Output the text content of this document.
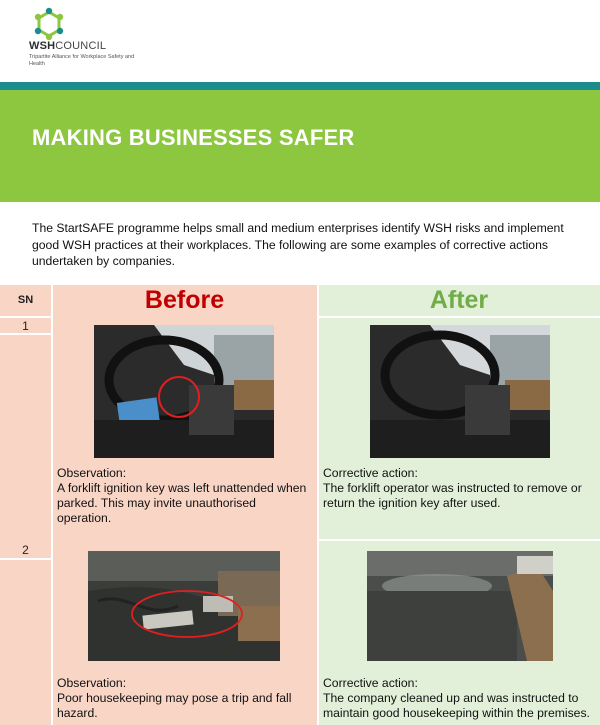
WSHCOUNCIL
Tripartite Alliance for Workplace Safety and Health
MAKING BUSINESSES SAFER

The StartSAFE programme helps small and medium enterprises identify WSH risks and implement good WSH practices at their workplaces. The following are some examples of corrective actions undertaken by companies.

SN	Before	After
1
Observation:
A forklift ignition key was left unattended when parked. This may invite unauthorised operation.
Corrective action:
The forklift operator was instructed to remove or return the ignition key after used.
2
Observation:
Poor housekeeping may pose a trip and fall hazard.
Corrective action:
The company cleaned up and was instructed to maintain good housekeeping within the premises.
